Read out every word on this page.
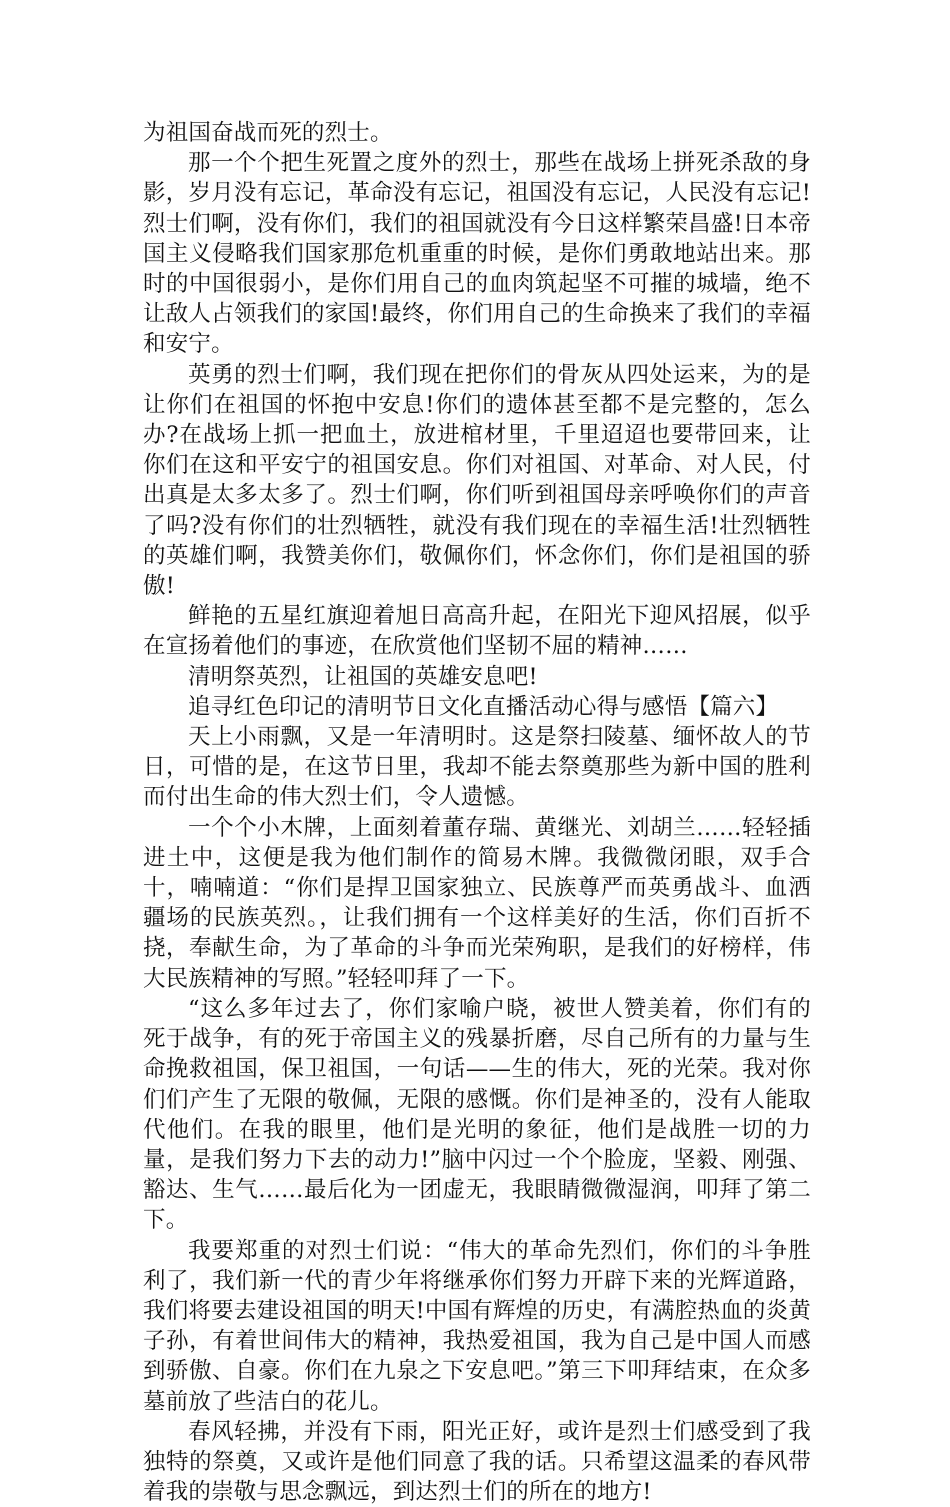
为祖国奋战而死的烈士。

那一个个把生死置之度外的烈士，那些在战场上拼死杀敌的身影，岁月没有忘记，革命没有忘记，祖国没有忘记，人民没有忘记!烈士们啊，没有你们，我们的祖国就没有今日这样繁荣昌盛!日本帝国主义侵略我们国家那危机重重的时候，是你们勇敢地站出来。那时的中国很弱小，是你们用自己的血肉筑起坚不可摧的城墙，绝不让敌人占领我们的家国!最终，你们用自己的生命换来了我们的幸福和安宁。

英勇的烈士们啊，我们现在把你们的骨灰从四处运来，为的是让你们在祖国的怀抱中安息!你们的遗体甚至都不是完整的，怎么办?在战场上抓一把血土，放进棺材里，千里迢迢也要带回来，让你们在这和平安宁的祖国安息。你们对祖国、对革命、对人民，付出真是太多太多了。烈士们啊，你们听到祖国母亲呼唤你们的声音了吗?没有你们的壮烈牺牲，就没有我们现在的幸福生活!壮烈牺牲的英雄们啊，我赞美你们，敬佩你们，怀念你们，你们是祖国的骄傲!

鲜艳的五星红旗迎着旭日高高升起，在阳光下迎风招展，似乎在宣扬着他们的事迹，在欣赏他们坚韧不屈的精神……

清明祭英烈，让祖国的英雄安息吧!

追寻红色印记的清明节日文化直播活动心得与感悟【篇六】

天上小雨飘，又是一年清明时。这是祭扫陵墓、缅怀故人的节日，可惜的是，在这节日里，我却不能去祭奠那些为新中国的胜利而付出生命的伟大烈士们，令人遗憾。

一个个小木牌，上面刻着董存瑞、黄继光、刘胡兰……轻轻插进土中，这便是我为他们制作的简易木牌。我微微闭眼，双手合十，喃喃道：“你们是捍卫国家独立、民族尊严而英勇战斗、血洒疆场的民族英烈。，让我们拥有一个这样美好的生活，你们百折不挠，奉献生命，为了革命的斗争而光荣殉职，是我们的好榜样，伟大民族精神的写照。”轻轻叩拜了一下。

“这么多年过去了，你们家喻户晓，被世人赞美着，你们有的死于战争，有的死于帝国主义的残暴折磨，尽自己所有的力量与生命挽救祖国，保卫祖国，一句话——生的伟大，死的光荣。我对你们们产生了无限的敬佩，无限的感慨。你们是神圣的，没有人能取代他们。在我的眼里，他们是光明的象征，他们是战胜一切的力量，是我们努力下去的动力!”脑中闪过一个个脸庞，坚毅、刚强、豁达、生气……最后化为一团虚无，我眼睛微微湿润，叩拜了第二下。

我要郑重的对烈士们说：“伟大的革命先烈们，你们的斗争胜利了，我们新一代的青少年将继承你们努力开辟下来的光辉道路，我们将要去建设祖国的明天!中国有辉煌的历史，有满腔热血的炎黄子孙，有着世间伟大的精神，我热爱祖国，我为自己是中国人而感到骄傲、自豪。你们在九泉之下安息吧。”第三下叩拜结束，在众多墓前放了些洁白的花儿。

春风轻拂，并没有下雨，阳光正好，或许是烈士们感受到了我独特的祭奠，又或许是他们同意了我的话。只希望这温柔的春风带着我的崇敬与思念飘远，到达烈士们的所在的地方!
